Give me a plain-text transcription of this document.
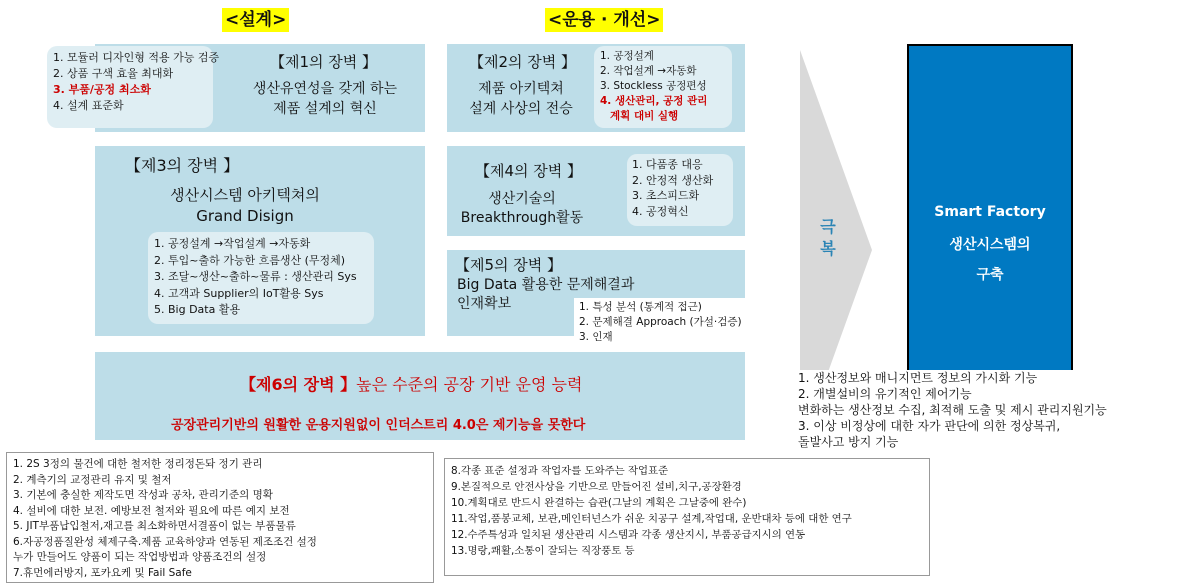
<설계>	<운용 · 개선>
【제1의 장벽 】
생산유연성을 갖게 하는
제품 설계의 혁신
1. 모듈러 디자인형 적용 가능 검증
2. 상품 구색 효율 최대화
3. 부품/공정 최소화
4. 설계 표준화
【제2의 장벽 】
제품 아키텍쳐
설계 사상의 전승
1. 공정설계
2. 작업설계 →자동화
3. Stockless 공정편성
4. 생산관리, 공정 관리
계획 대비 실행
【제3의 장벽 】
생산시스템 아키텍쳐의
Grand Disign
1. 공정설계 →작업설계 →자동화
2. 투입~출하 가능한 흐름생산 (무정체)
3. 조달~생산~출하~물류 : 생산관리 Sys
4. 고객과 Supplier의 IoT활용 Sys
5. Big Data 활용
【제4의 장벽 】
생산기술의
Breakthrough활동
1. 다품종 대응
2. 안정적 생산화
3. 초스피드화
4. 공정혁신
【제5의 장벽 】
Big Data 활용한 문제해결과
인재확보	1. 특성 분석 (통계적 접근)
2. 문제해결 Approach (가설·검증)
3. 인재
【제6의 장벽 】높은 수준의 공장 기반 운영 능력
공장관리기반의 원활한 운용지원없이 인더스트리 4.0은 제기능을 못한다
극
복
Smart Factory
생산시스템의
구축
1. 생산정보와 매니지먼트 정보의 가시화 기능
2. 개별설비의 유기적인 제어기능
변화하는 생산정보 수집, 최적해 도출 및 제시 관리지원기능
3. 이상 비정상에 대한 자가 판단에 의한 정상복귀,
돌발사고 방지 기능
1. 2S 3정의 물건에 대한 철저한 정리정돈돠 정기 관리
2. 계측기의 교정관리 유지 및 철저
3. 기본에 충실한 제작도면 작성과 공차, 관리기준의 명확
4. 설비에 대한 보전. 예방보전 철저와 필요에 따른 예지 보전
5. JIT부품납입철저,재고를 최소화하면서결품이 없는 부품물류
6.자공정품질완성 체제구축.제품 교육하양과 연동된 제조조건 설정
누가 만들어도 양품이 되는 작업방법과 양품조건의 설정
7.휴먼에러방지, 포카요케 및 Fail Safe
8.각종 표준 설정과 작업자를 도와주는 작업표준
9.본질적으로 안전사상을 기반으로 만들어진 설비,치구,공장환경
10.계획대로 반드시 완결하는 습관(그날의 계획은 그날중에 완수)
11.작업,품봉교체, 보관,메인터넌스가 쉬운 치공구 설계,작업대, 운반대차 등에 대한 연구
12.수주특성과 일치된 생산관리 시스템과 각종 생산지시, 부품공급지시의 연동
13.명랑,쾌활,소통이 잘되는 직장풍토 등
